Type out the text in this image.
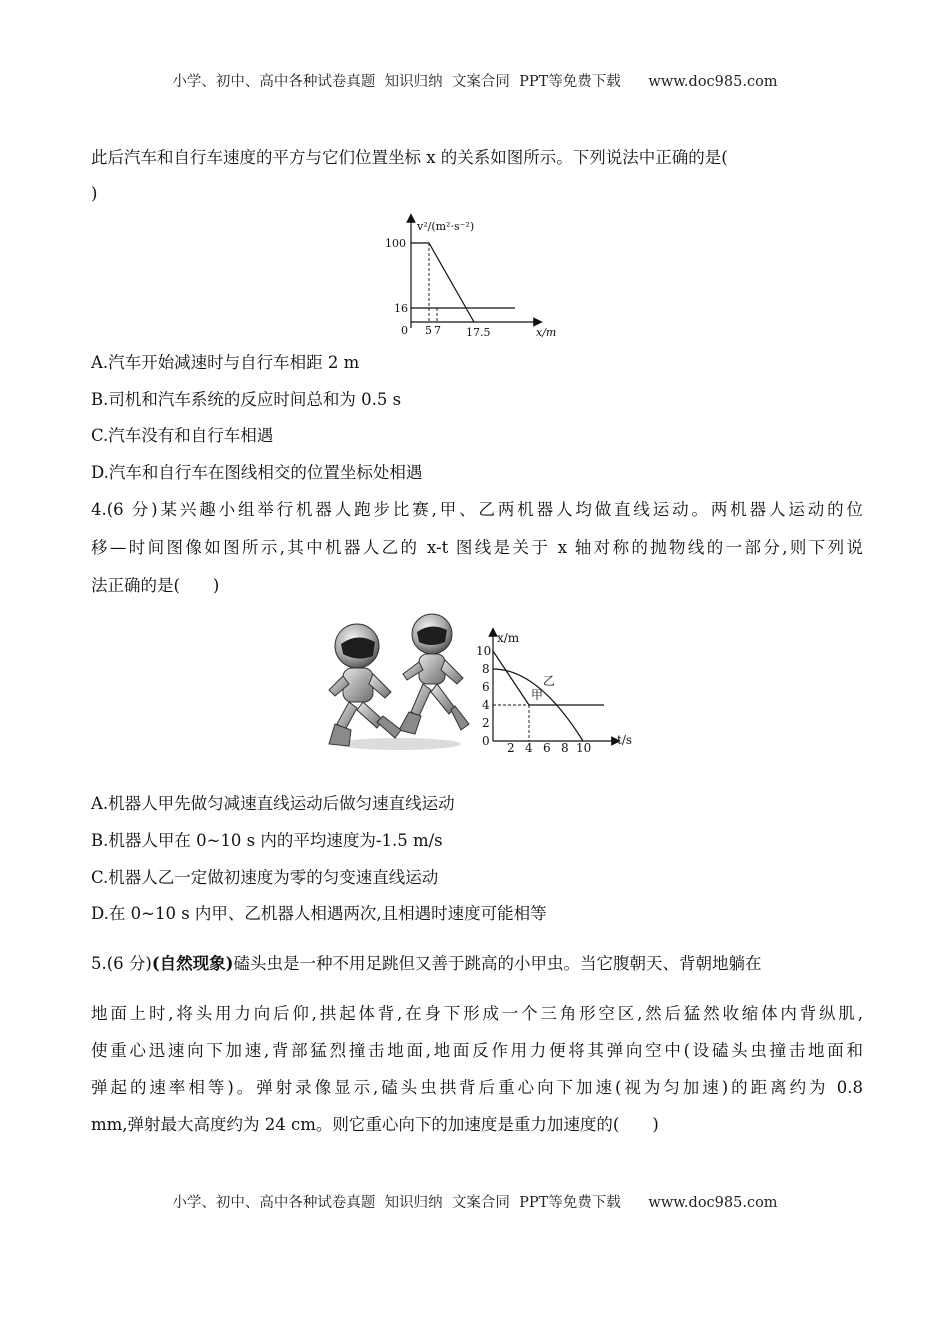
小学、初中、高中各种试卷真题  知识归纳  文案合同  PPT等免费下载      www.doc985.com
此后汽车和自行车速度的平方与它们位置坐标 x 的关系如图所示。下列说法中正确的是(
)
v²/(m²·s⁻²)
x/m
100
16
0 5 7 17.5
A.汽车开始减速时与自行车相距 2 m
B.司机和汽车系统的反应时间总和为 0.5 s
C.汽车没有和自行车相遇
D.汽车和自行车在图线相交的位置坐标处相遇
4.(6 分)某兴趣小组举行机器人跑步比赛,甲、乙两机器人均做直线运动。两机器人运动的位
移—时间图像如图所示,其中机器人乙的 x-t 图线是关于 x 轴对称的抛物线的一部分,则下列说
法正确的是(　　)
x/m
t/s
乙
甲
10
8
6
4
2
0 2 4 6 8 10
A.机器人甲先做匀减速直线运动后做匀速直线运动
B.机器人甲在 0~10 s 内的平均速度为-1.5 m/s
C.机器人乙一定做初速度为零的匀变速直线运动
D.在 0~10 s 内甲、乙机器人相遇两次,且相遇时速度可能相等
5.(6 分)(自然现象)磕头虫是一种不用足跳但又善于跳高的小甲虫。当它腹朝天、背朝地躺在
地面上时,将头用力向后仰,拱起体背,在身下形成一个三角形空区,然后猛然收缩体内背纵肌,
使重心迅速向下加速,背部猛烈撞击地面,地面反作用力便将其弹向空中(设磕头虫撞击地面和
弹起的速率相等)。弹射录像显示,磕头虫拱背后重心向下加速(视为匀加速)的距离约为 0.8
mm,弹射最大高度约为 24 cm。则它重心向下的加速度是重力加速度的(　　)
小学、初中、高中各种试卷真题  知识归纳  文案合同  PPT等免费下载      www.doc985.com
